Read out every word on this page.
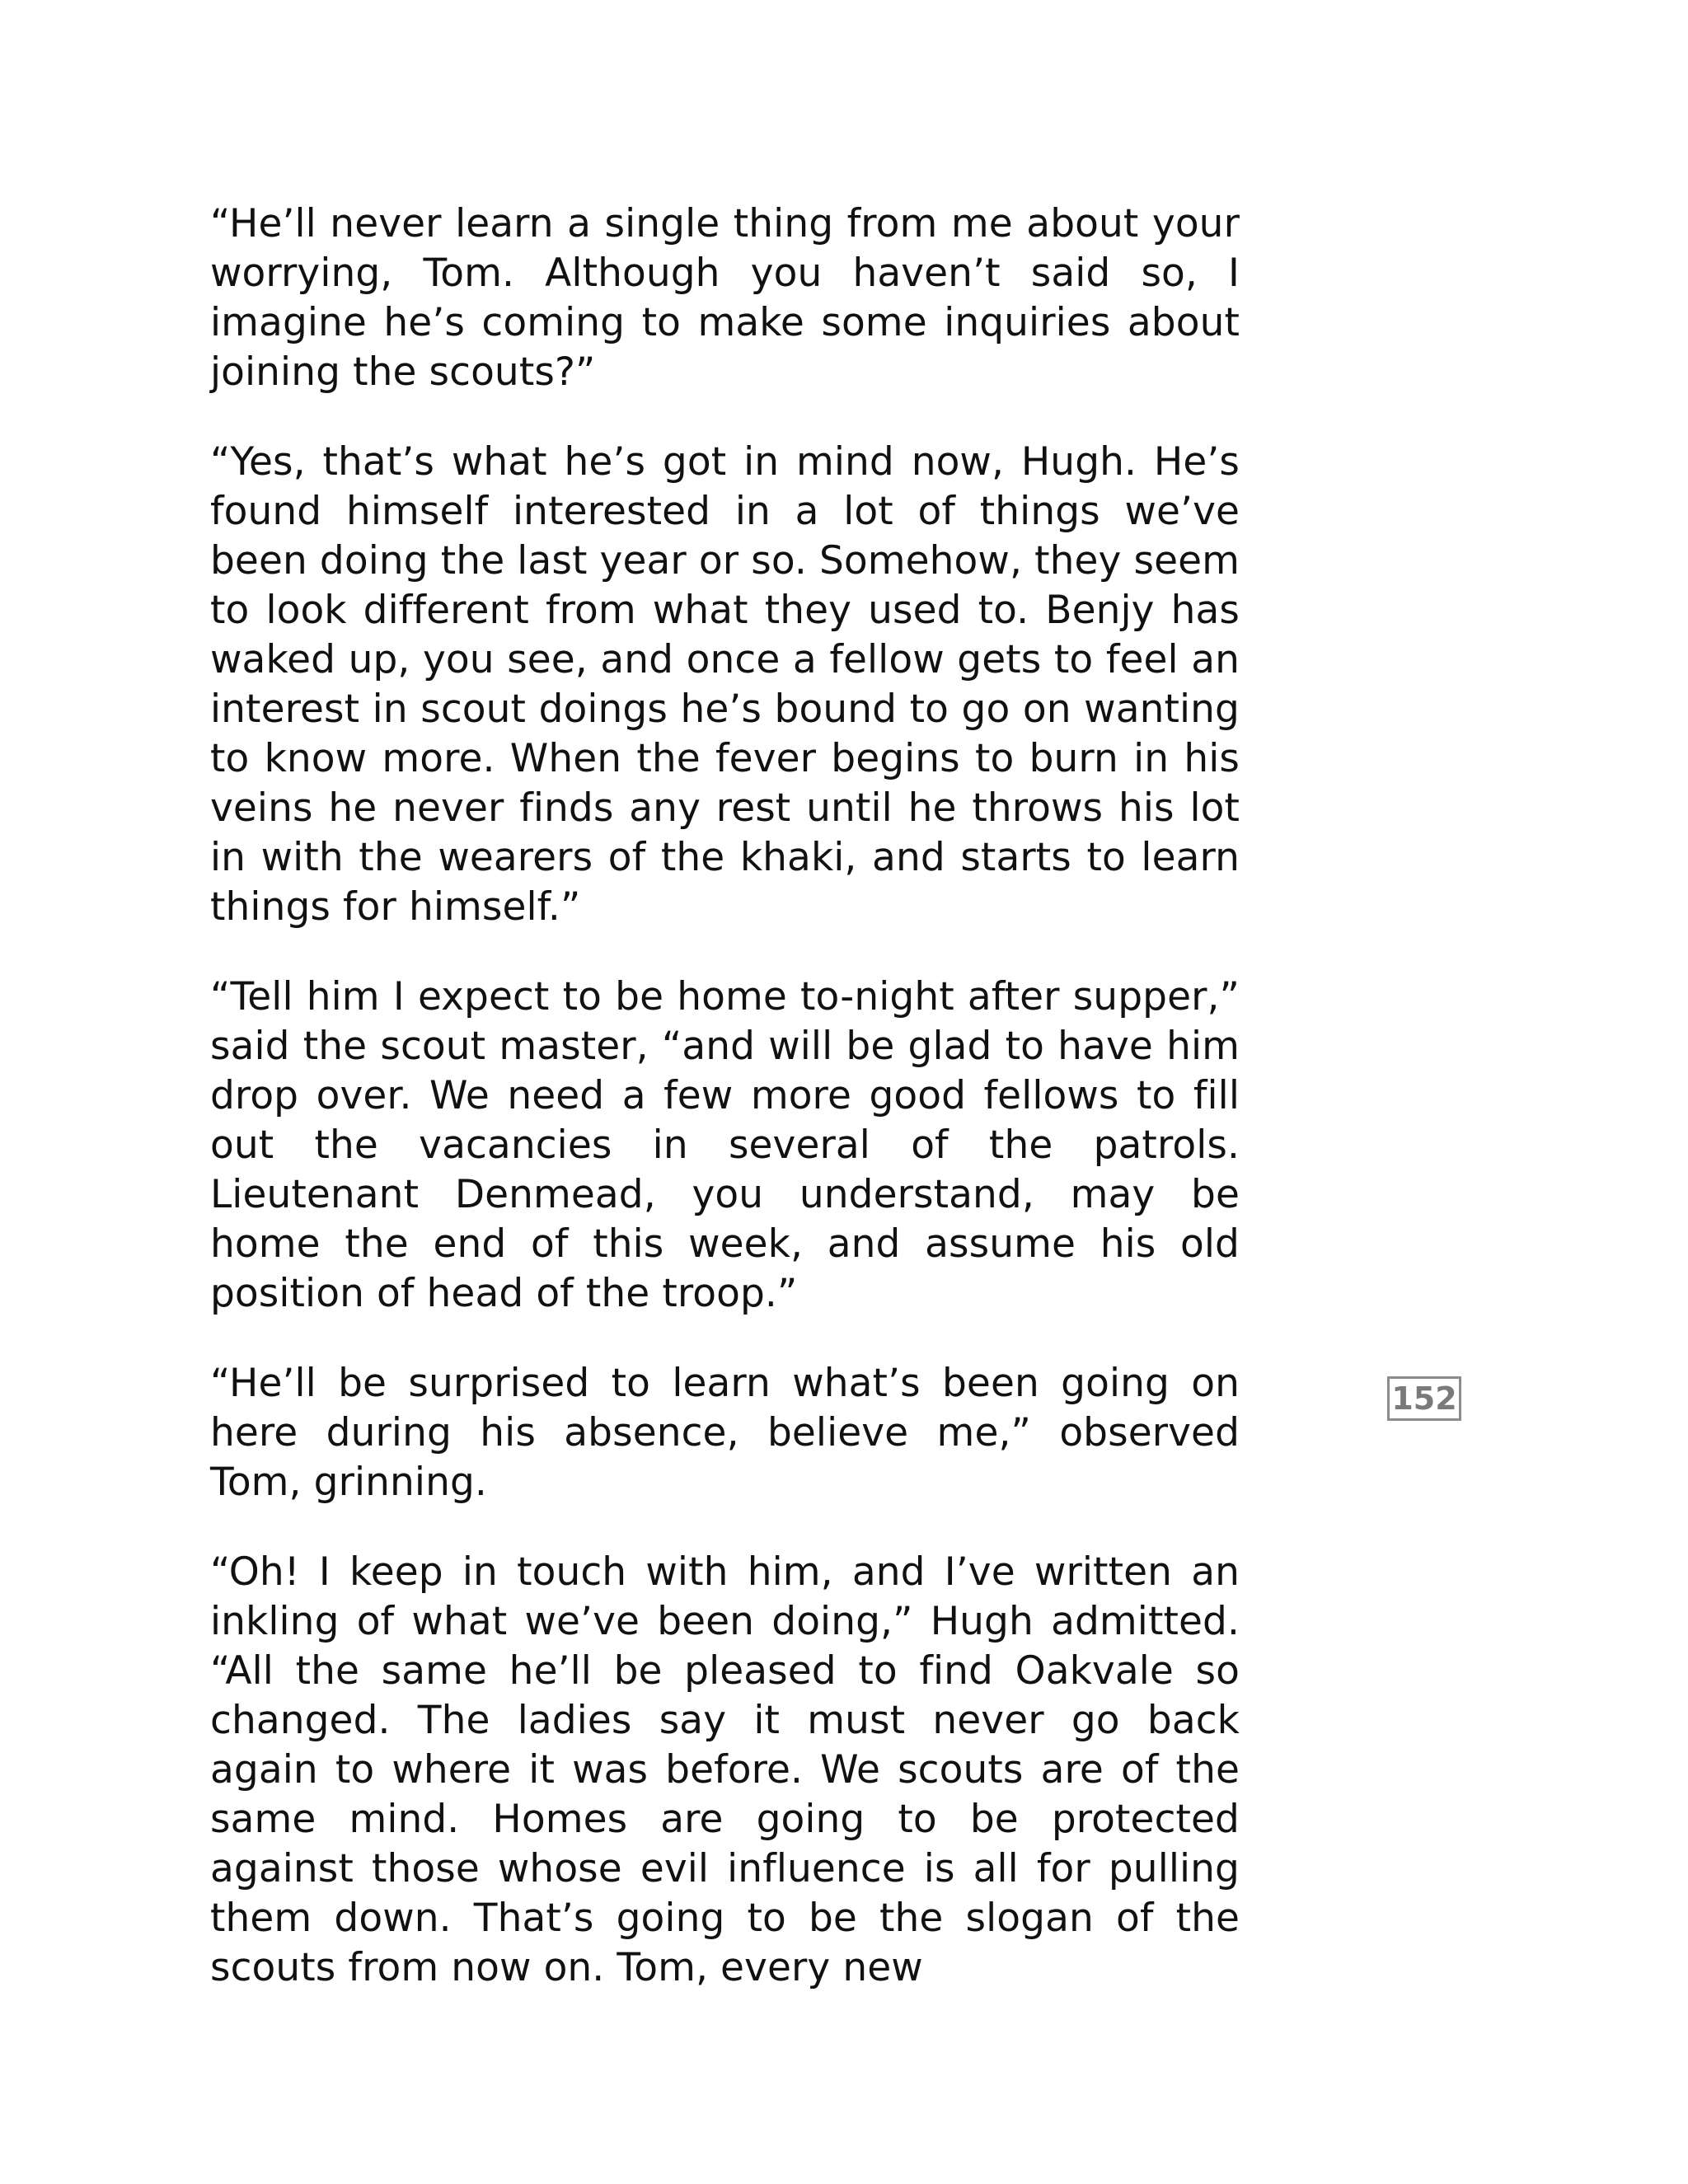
“He’ll never learn a single thing from me about your worrying, Tom. Although you haven’t said so, I imagine he’s coming to make some inquiries about joining the scouts?”

“Yes, that’s what he’s got in mind now, Hugh. He’s found himself interested in a lot of things we’ve been doing the last year or so. Somehow, they seem to look different from what they used to. Benjy has waked up, you see, and once a fellow gets to feel an interest in scout doings he’s bound to go on wanting to know more. When the fever begins to burn in his veins he never finds any rest until he throws his lot in with the wearers of the khaki, and starts to learn things for himself.”

“Tell him I expect to be home to-night after supper,” said the scout master, “and will be glad to have him drop over. We need a few more good fellows to fill out the vacancies in several of the patrols. Lieutenant Denmead, you understand, may be home the end of this week, and assume his old position of head of the troop.”

“He’ll be surprised to learn what’s been going on here during his absence, believe me,” observed Tom, grinning.

“Oh! I keep in touch with him, and I’ve written an inkling of what we’ve been doing,” Hugh admitted. “All the same he’ll be pleased to find Oakvale so changed. The ladies say it must never go back again to where it was before. We scouts are of the same mind. Homes are going to be protected against those whose evil influence is all for pulling them down. That’s going to be the slogan of the scouts from now on. Tom, every new

152
